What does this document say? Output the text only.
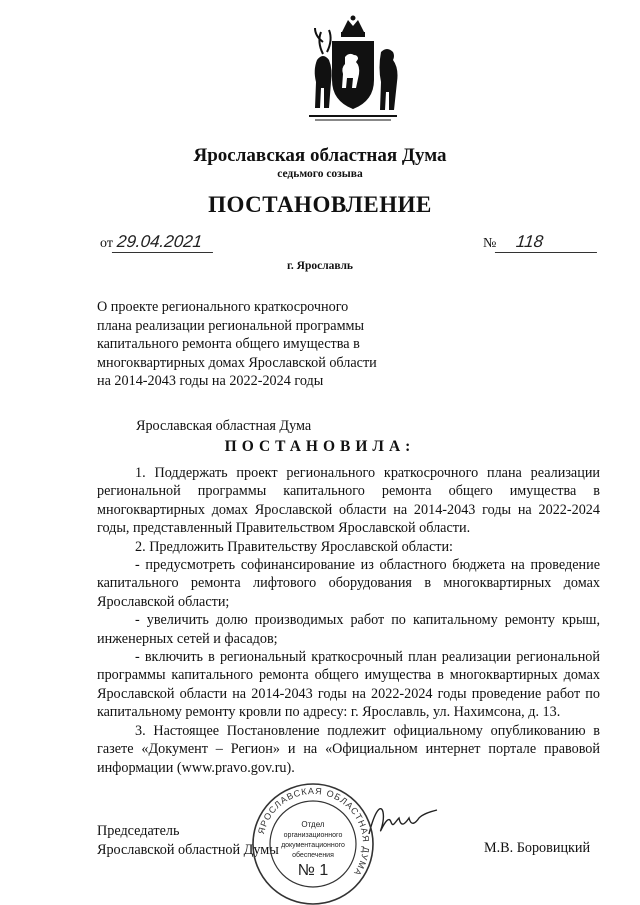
Ярославская областная Дума
седьмого созыва
ПОСТАНОВЛЕНИЕ
от 29.04.2021	№	118
г. Ярославль
О проекте регионального краткосрочного
плана реализации региональной программы
капитального ремонта общего имущества в
многоквартирных домах Ярославской области
на 2014-2043 годы на 2022-2024 годы
Ярославская областная Дума
ПОСТАНОВИЛА:

1. Поддержать проект регионального краткосрочного плана реализации региональной программы капитального ремонта общего имущества в многоквартирных домах Ярославской области на 2014-2043 годы на 2022-2024 годы, представленный Правительством Ярославской области.

2. Предложить Правительству Ярославской области:

- предусмотреть софинансирование из областного бюджета на проведение капитального ремонта лифтового оборудования в многоквартирных домах Ярославской области;

- увеличить долю производимых работ по капитальному ремонту крыш, инженерных сетей и фасадов;

- включить в региональный краткосрочный план реализации региональной программы капитального ремонта общего имущества в многоквартирных домах Ярославской области на 2014-2043 годы на 2022-2024 годы проведение работ по капитальному ремонту кровли по адресу: г. Ярославль, ул. Нахимсона, д. 13.

3. Настоящее Постановление подлежит официальному опубликованию в газете «Документ – Регион» и на «Официальном интернет портале правовой информации (www.pravo.gov.ru).

Председатель
Ярославской областной Думы	М.В. Боровицкий
ЯРОСЛАВСКАЯ ОБЛАСТНАЯ ДУМА
Отдел
организационного
документационного
обеспечения
№ 1
